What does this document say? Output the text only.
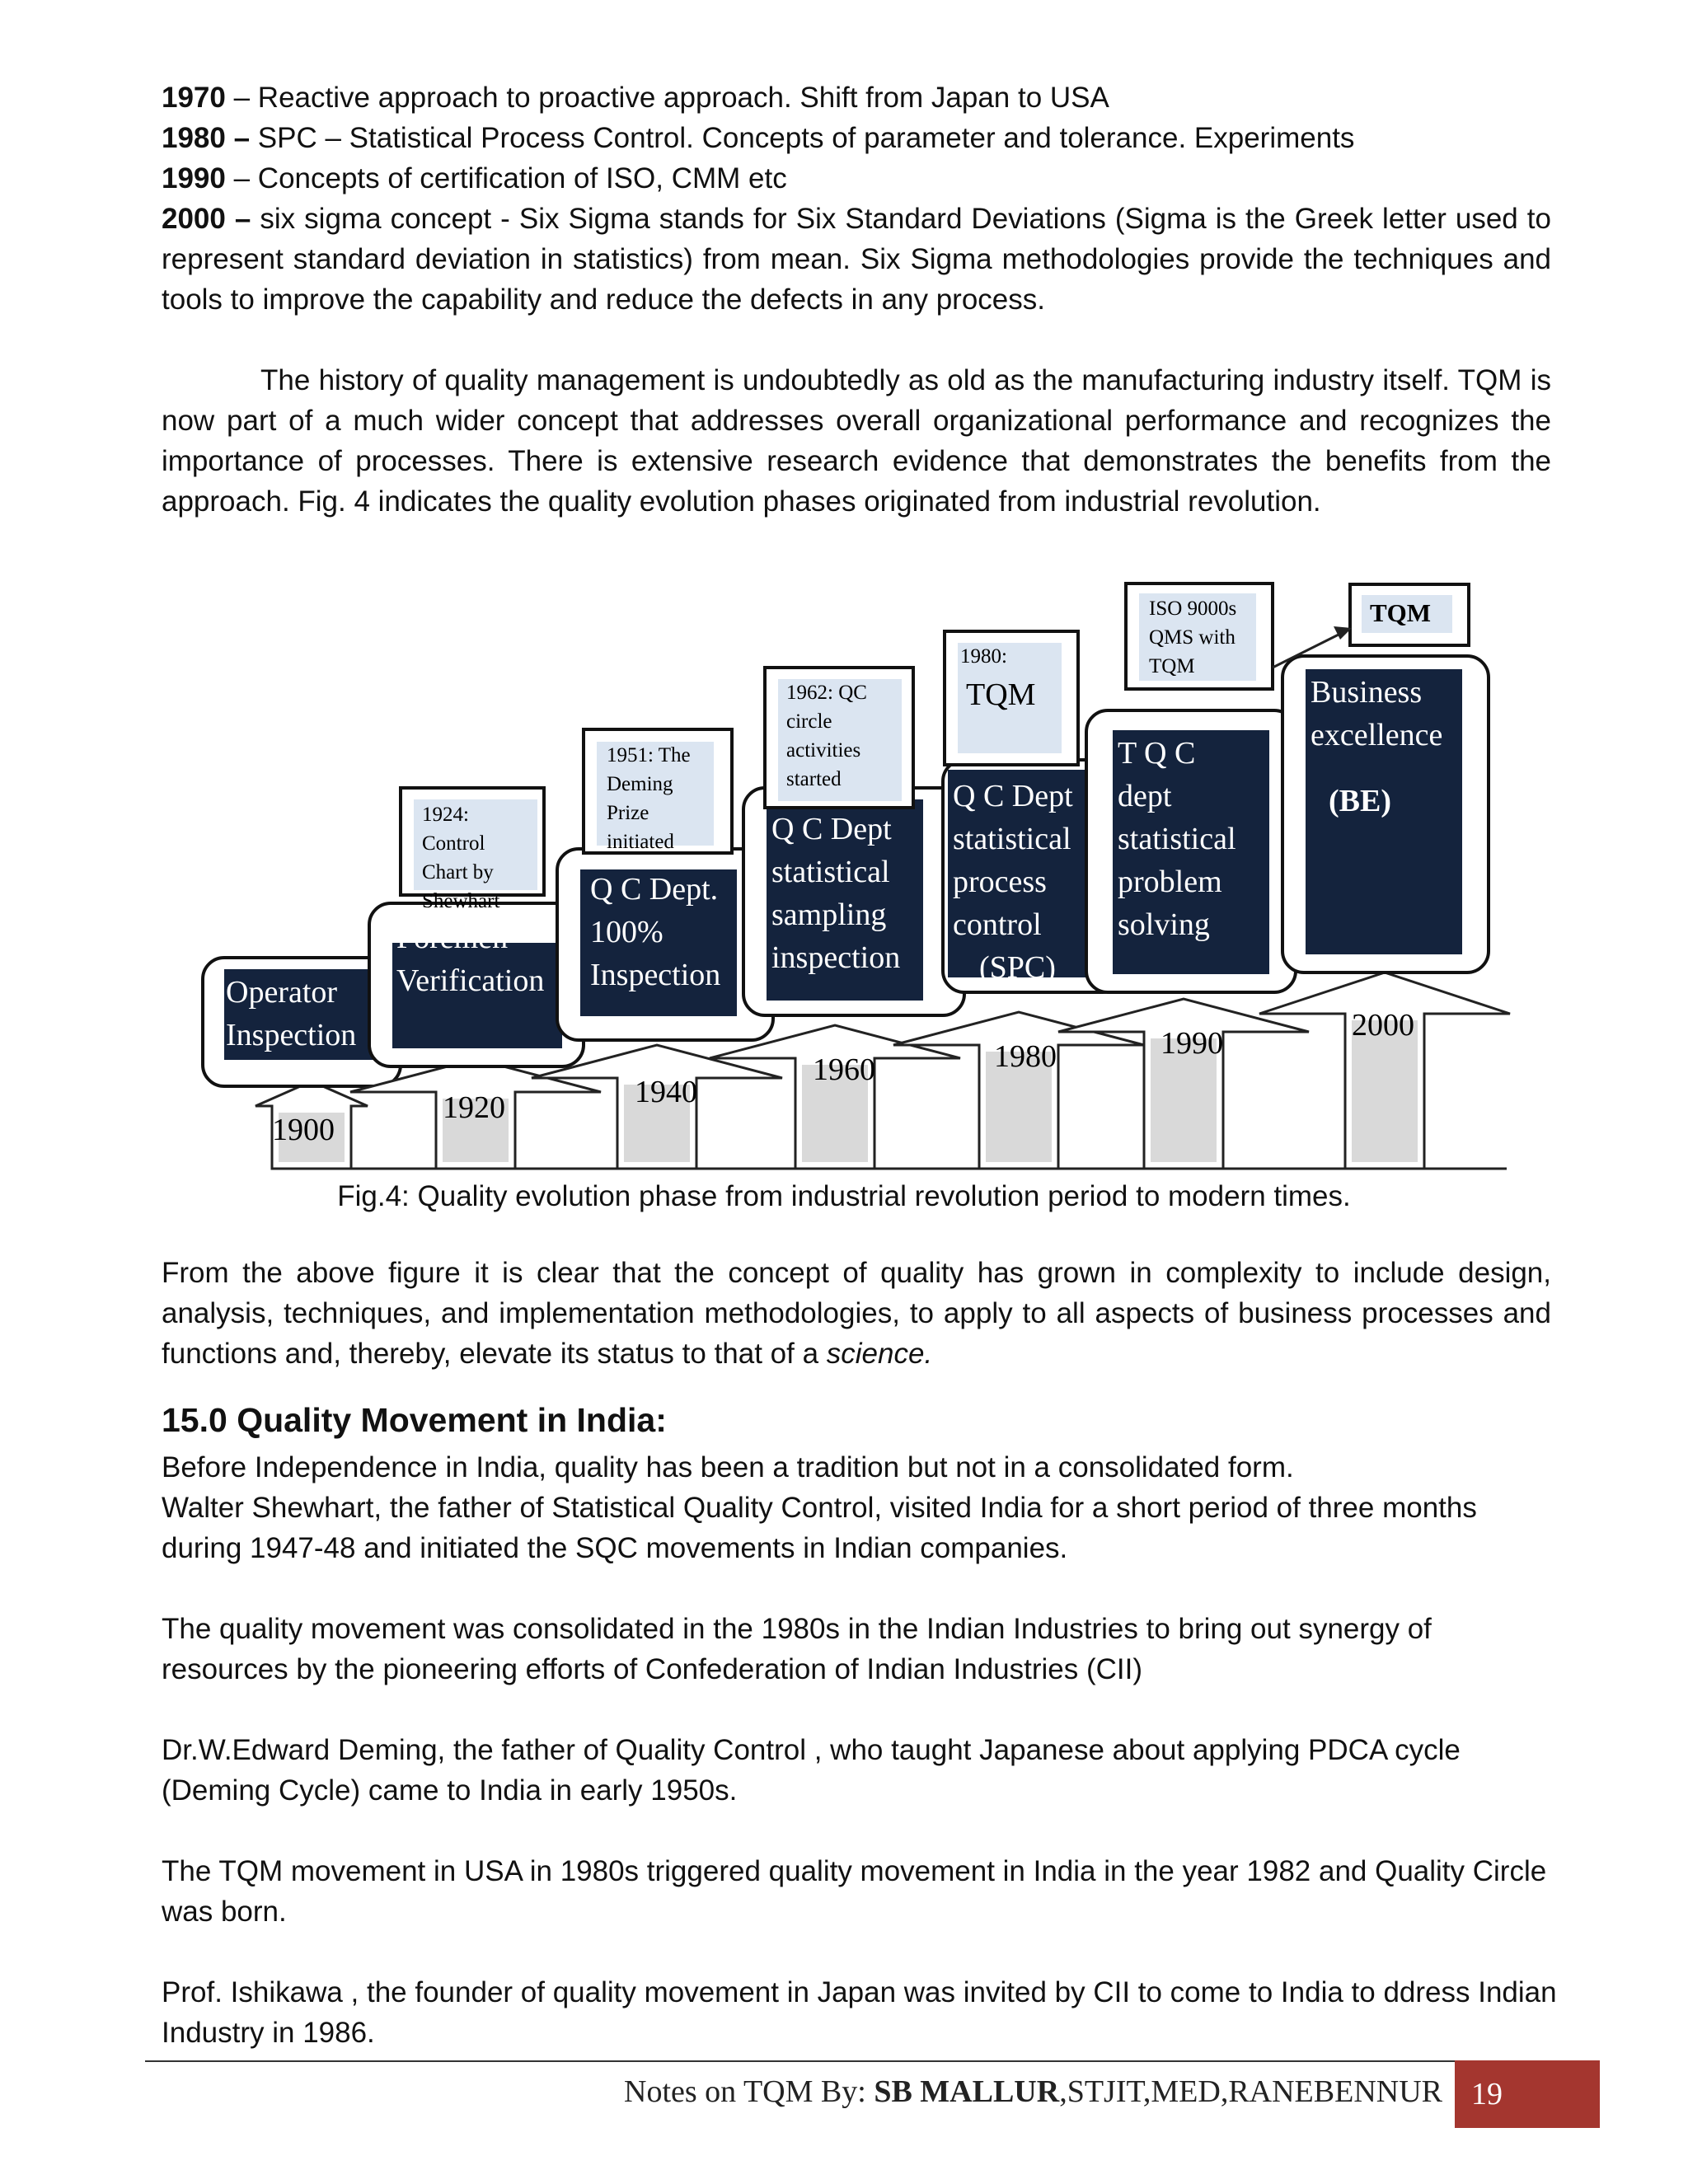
1970 – Reactive approach to proactive approach. Shift from Japan to USA

1980 – SPC – Statistical Process Control. Concepts of parameter and tolerance. Experiments

1990 – Concepts of certification of ISO, CMM etc

2000 – six sigma concept - Six Sigma stands for Six Standard Deviations (Sigma is the Greek letter used to represent standard deviation in statistics) from mean. Six Sigma methodologies provide the techniques and tools to improve the capability and reduce the defects in any process.

The history of quality management is undoubtedly as old as the manufacturing industry itself. TQM is now part of a much wider concept that addresses overall organizational performance and recognizes the importance of processes. There is extensive research evidence that demonstrates the benefits from the approach. Fig. 4 indicates the quality evolution phases originated from industrial revolution.

1900
Operator
Inspection
1920
Foremen
Verification
1924:
Control
Chart by
Shewhart
1940
Q C Dept.
100%
Inspection
1951: The
Deming
Prize
initiated
1960
Q C Dept
statistical
sampling
inspection
1962: QC
circle
activities
started
1980
Q C Dept
statistical
process
control
(SPC)
1980:
TQM
1990
T Q C
dept
statistical
problem
solving
ISO 9000s
QMS with
TQM
2000
Business
excellence
(BE)
TQM
Fig.4: Quality evolution phase from industrial revolution period to modern times.

From the above figure it is clear that the concept of quality has grown in complexity to include design, analysis, techniques, and implementation methodologies, to apply to all aspects of business processes and functions and, thereby, elevate its status to that of a science.

15.0 Quality Movement in India:

Before Independence in India, quality has been a tradition but not in a consolidated form.

Walter Shewhart, the father of Statistical Quality Control, visited India for a short period of three months during 1947-48 and initiated the SQC movements in Indian companies.

The quality movement was consolidated in the 1980s in the Indian Industries to bring out synergy of resources by the pioneering efforts of Confederation of Indian Industries (CII)

Dr.W.Edward Deming, the father of Quality Control , who taught Japanese about applying PDCA cycle (Deming Cycle) came to India in early 1950s.

The TQM movement in USA in 1980s triggered quality movement in India in the year 1982 and Quality Circle was born.

Prof. Ishikawa , the founder of quality movement in Japan was invited by CII to come to India to ddress Indian Industry in 1986.

Notes on TQM By: SB MALLUR,STJIT,MED,RANEBENNUR 19
